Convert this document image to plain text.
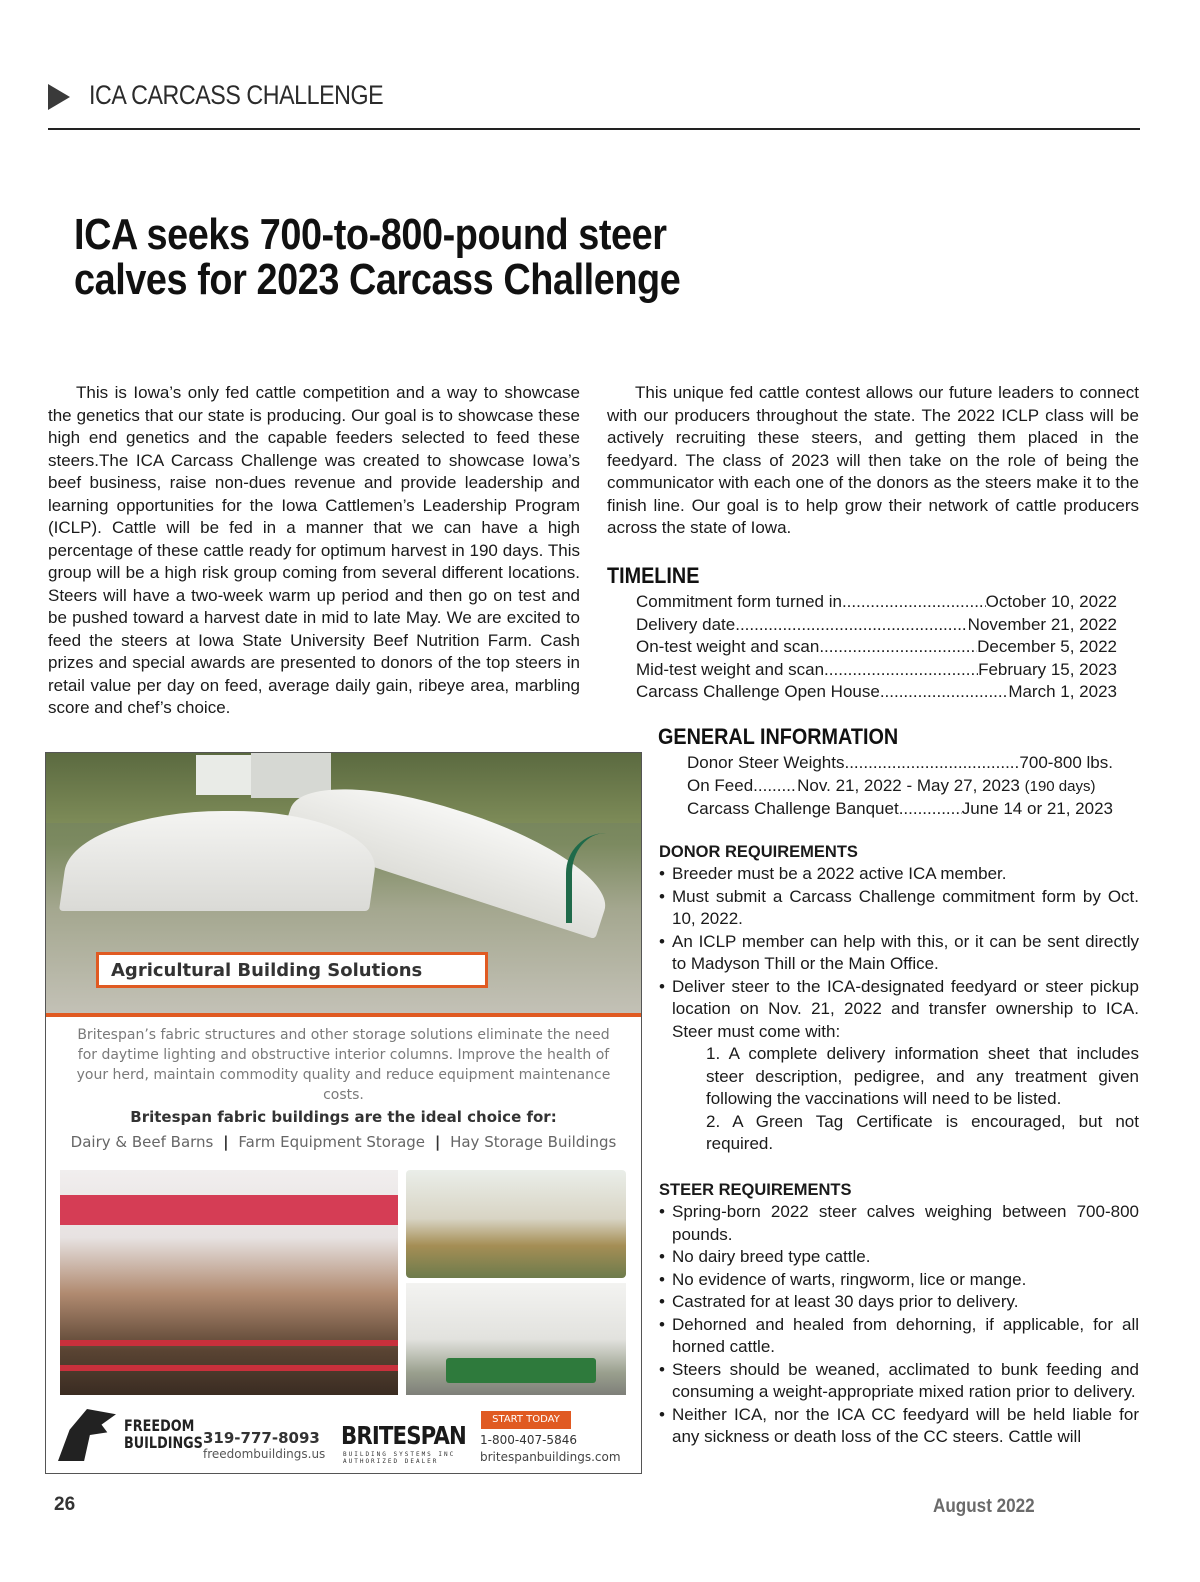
ICA CARCASS CHALLENGE
ICA seeks 700-to-800-pound steer
calves for 2023 Carcass Challenge

This is Iowa’s only fed cattle competition and a way to showcase the genetics that our state is producing. Our goal is to showcase these high end genetics and the capable feeders selected to feed these steers.The ICA Carcass Challenge was created to showcase Iowa’s beef business, raise non-dues revenue and provide leadership and learning opportunities for the Iowa Cattlemen’s Leadership Program (ICLP). Cattle will be fed in a manner that we can have a high percentage of these cattle ready for optimum harvest in 190 days. This group will be a high risk group coming from several different locations. Steers will have a two-week warm up period and then go on test and be pushed toward a harvest date in mid to late May. We are excited to feed the steers at Iowa State University Beef Nutrition Farm. Cash prizes and special awards are presented to donors of the top steers in retail value per day on feed, average daily gain, ribeye area, marbling score and chef’s choice.

This unique fed cattle contest allows our future leaders to connect with our producers throughout the state. The 2022 ICLP class will be actively recruiting these steers, and getting them placed in the feedyard. The class of 2023 will then take on the role of being the communicator with each one of the donors as the steers make it to the finish line. Our goal is to help grow their network of cattle producers across the state of Iowa.

TIMELINE
Commitment form turned in .....	October 10, 2022
Delivery date .....	November 21, 2022
On-test weight and scan .....	December 5, 2022
Mid-test weight and scan .....	February 15, 2023
Carcass Challenge Open House .....	March 1, 2023
GENERAL INFORMATION
Donor Steer Weights .....	700-800 lbs.
On Feed .....	Nov. 21, 2022 - May 27, 2023 (190 days)
Carcass Challenge Banquet .....	June 14 or 21, 2023
DONOR REQUIREMENTS
• Breeder must be a 2022 active ICA member.
• Must submit a Carcass Challenge commitment form by Oct. 10, 2022.
• An ICLP member can help with this, or it can be sent directly to Madyson Thill or the Main Office.
• Deliver steer to the ICA-designated feedyard or steer pickup location on Nov. 21, 2022 and transfer ownership to ICA. Steer must come with:
1. A complete delivery information sheet that includes steer description, pedigree, and any treatment given following the vaccinations will need to be listed.
2. A Green Tag Certificate is encouraged, but not required.
STEER REQUIREMENTS
• Spring-born 2022 steer calves weighing between 700-800 pounds.
• No dairy breed type cattle.
• No evidence of warts, ringworm, lice or mange.
• Castrated for at least 30 days prior to delivery.
• Dehorned and healed from dehorning, if applicable, for all horned cattle.
• Steers should be weaned, acclimated to bunk feeding and consuming a weight-appropriate mixed ration prior to delivery.
• Neither ICA, nor the ICA CC feedyard will be held liable for any sickness or death loss of the CC steers. Cattle will
Agricultural Building Solutions
Britespan’s fabric structures and other storage solutions eliminate the need for daytime lighting and obstructive interior columns. Improve the health of your herd, maintain commodity quality and reduce equipment maintenance costs.
Britespan fabric buildings are the ideal choice for:
Dairy & Beef Barns | Farm Equipment Storage | Hay Storage Buildings
FREEDOM
BUILDINGS 319-777-8093
freedombuildings.us
BRITESPAN
BUILDING SYSTEMS INC
AUTHORIZED DEALER
START TODAY
1-800-407-5846
britespanbuildings.com
26	August 2022
